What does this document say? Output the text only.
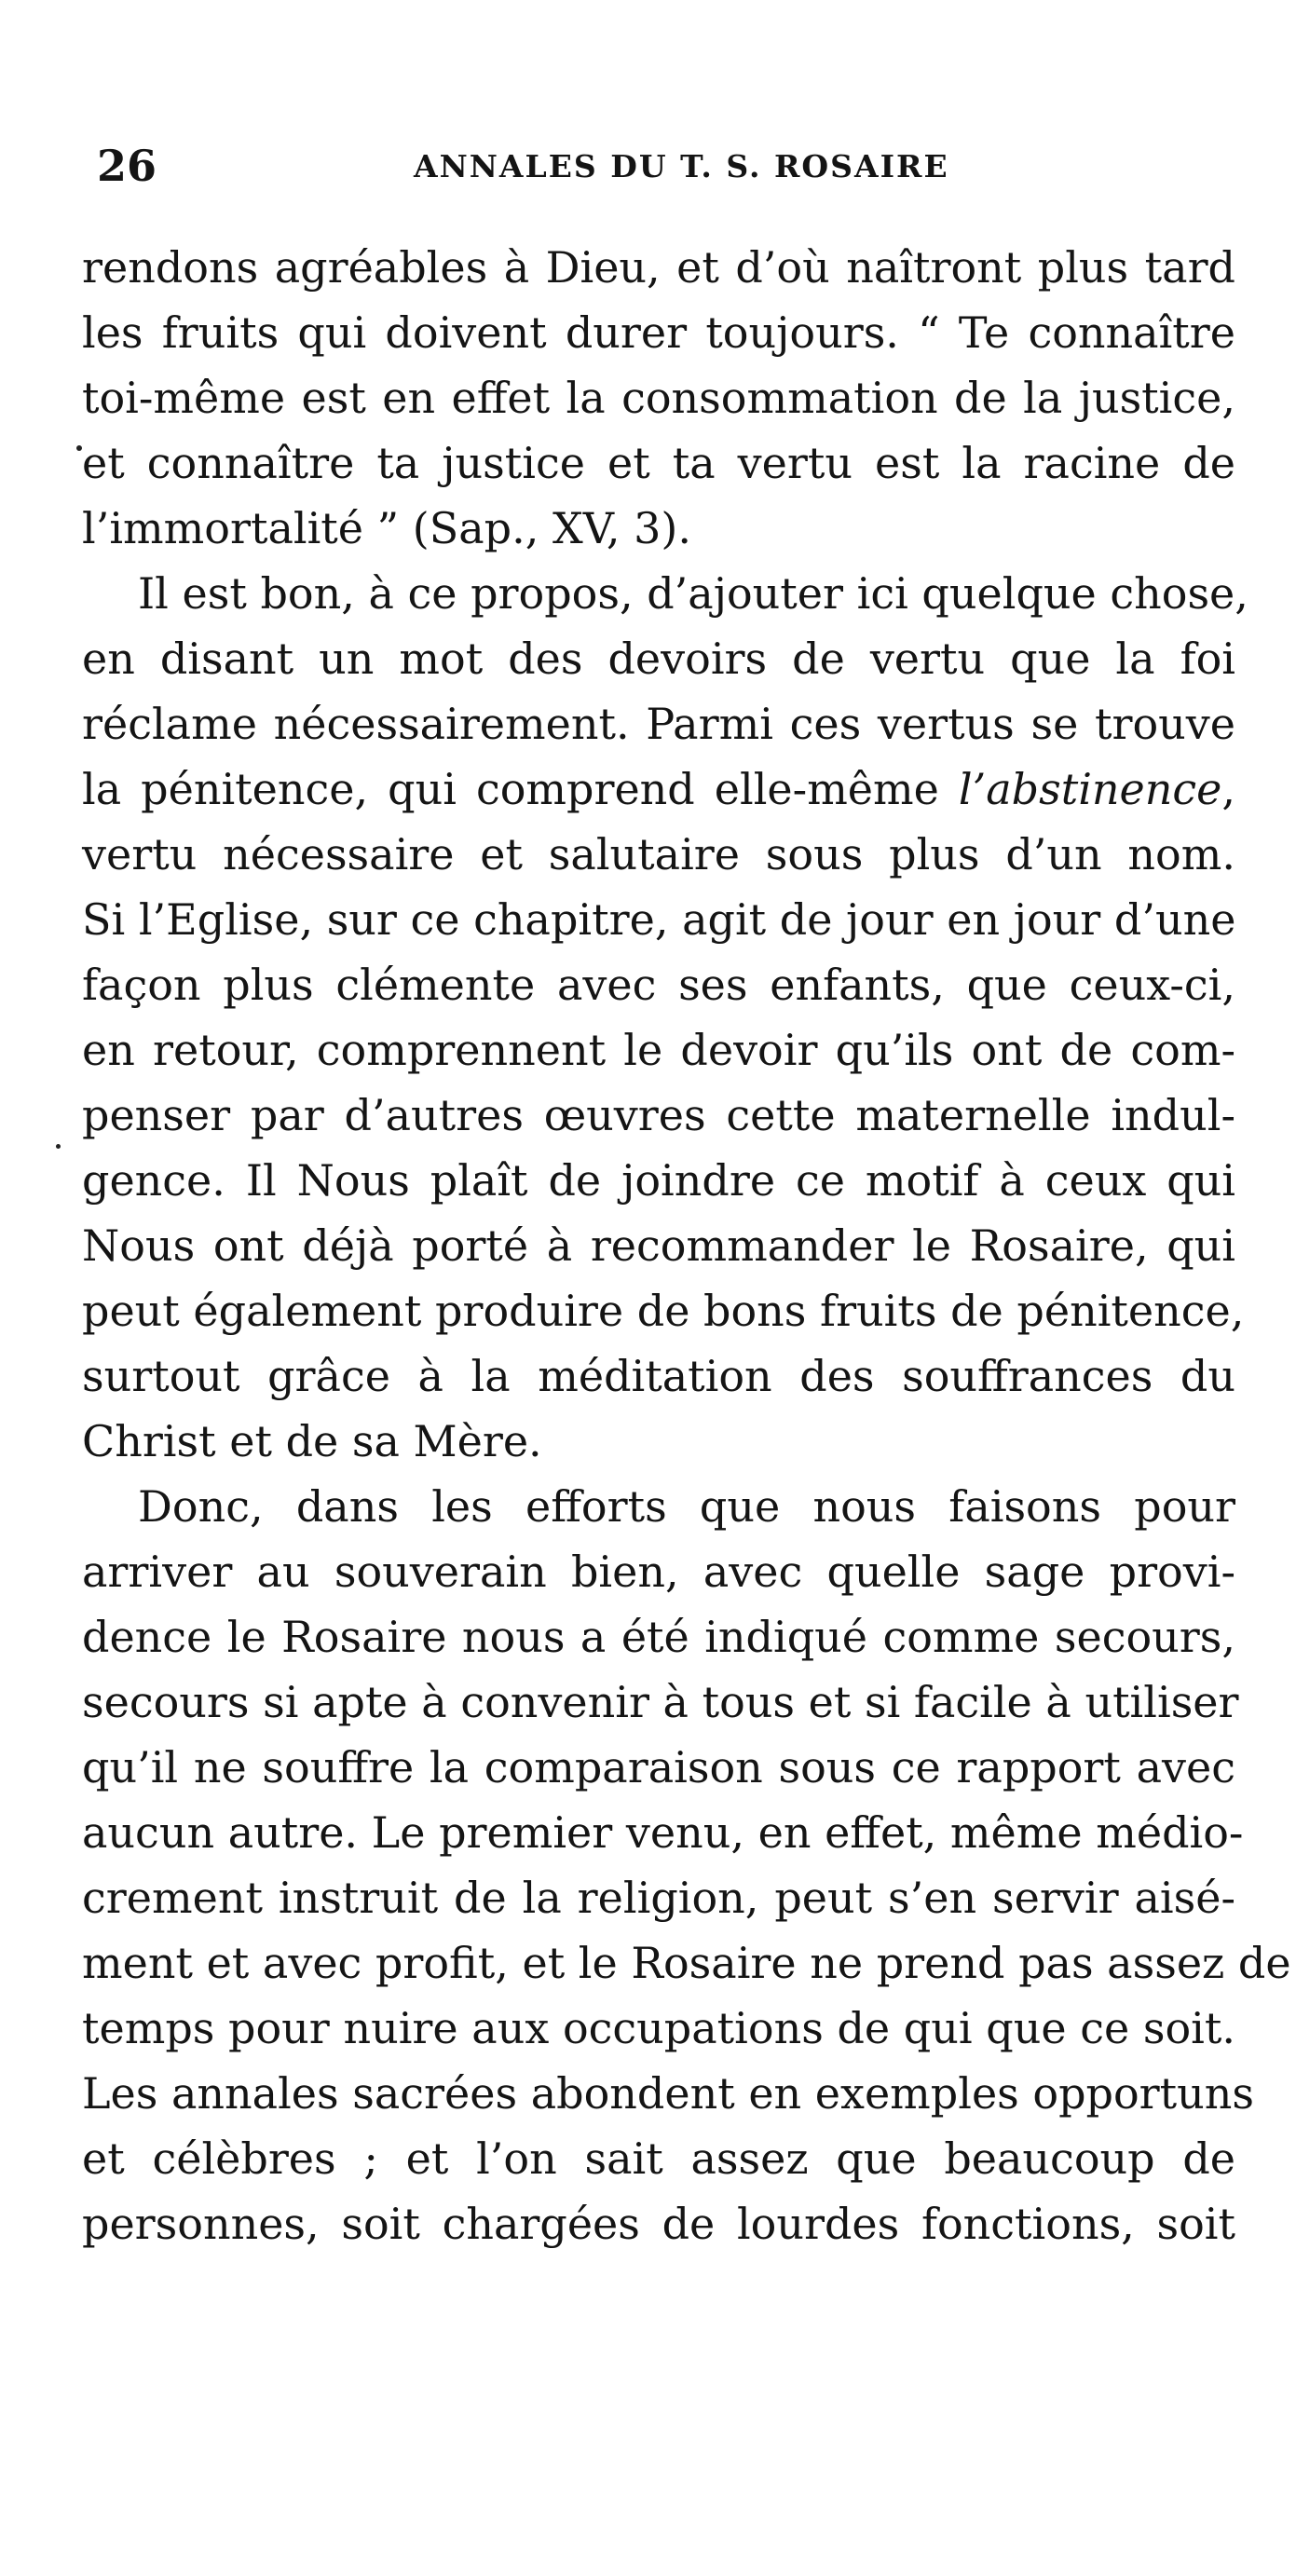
26	ANNALES DU T. S. ROSAIRE
rendons agréables à Dieu, et d’où naîtront plus tard
les fruits qui doivent durer toujours. “ Te connaître
toi-même est en effet la consommation de la justice,
et connaître ta justice et ta vertu est la racine de
l’immortalité ” (Sap., XV, 3).
Il est bon, à ce propos, d’ajouter ici quelque chose,
en disant un mot des devoirs de vertu que la foi
réclame nécessairement. Parmi ces vertus se trouve
la pénitence, qui comprend elle-même l’abstinence,
vertu nécessaire et salutaire sous plus d’un nom.
Si l’Eglise, sur ce chapitre, agit de jour en jour d’une
façon plus clémente avec ses enfants, que ceux-ci,
en retour, comprennent le devoir qu’ils ont de com-
penser par d’autres œuvres cette maternelle indul-
gence. Il Nous plaît de joindre ce motif à ceux qui
Nous ont déjà porté à recommander le Rosaire, qui
peut également produire de bons fruits de pénitence,
surtout grâce à la méditation des souffrances du
Christ et de sa Mère.
Donc, dans les efforts que nous faisons pour
arriver au souverain bien, avec quelle sage provi-
dence le Rosaire nous a été indiqué comme secours,
secours si apte à convenir à tous et si facile à utiliser
qu’il ne souffre la comparaison sous ce rapport avec
aucun autre. Le premier venu, en effet, même médio-
crement instruit de la religion, peut s’en servir aisé-
ment et avec profit, et le Rosaire ne prend pas assez de
temps pour nuire aux occupations de qui que ce soit.
Les annales sacrées abondent en exemples opportuns
et célèbres ; et l’on sait assez que beaucoup de
personnes, soit chargées de lourdes fonctions, soit
